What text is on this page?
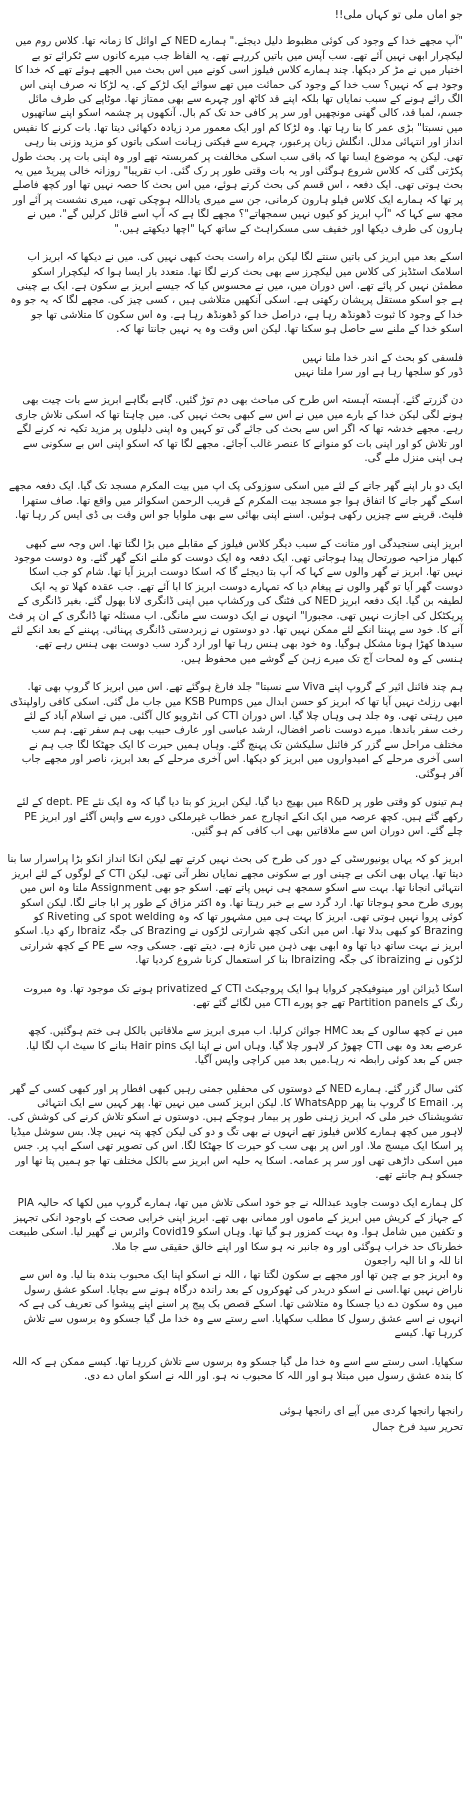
جو اماں ملی تو کہاں ملی!!

"آپ مجھے خدا کے وجود کی کوئی مظبوط دلیل دیجئے." ہمارے NED کے اوائل کا زمانہ تھا. کلاس روم میں لیکچرار ابھی نہیں آئے تھے. سب آپس میں باتیں کررہے تھے. یہ الفاظ جب میرے کانوں سے ٹکرائے تو بے اختیار میں نے مڑ کر دیکھا. چند ہمارے کلاس فیلوز اسی کونے میں اس بحث میں الجھے ہوئے تھے کہ خدا کا وجود ہے کہ نہیں؟ سب خدا کے وجود کی حمائت میں تھے سوائے ایک لڑکے کے. یہ لڑکا نہ صرف اپنی اس الگ رائے ہونے کے سبب نمایاں تھا بلکہ اپنے قد کاٹھ اور چہرے سے بھی ممتاز تھا. موٹاپے کی طرف مائل جسم، لمبا قد، کالی گھنی مونچھیں اور سر پر کافی حد تک کم بال. آنکھوں پر چشمہ اسکو اپنے ساتھیوں میں نسبتا" بڑی عمر کا بنا رہا تھا. وہ لڑکا کم اور ایک معمور مرد زیادہ دکھائی دیتا تھا. بات کرنے کا نفیس انداز اور انتہائی مدلل. انگلش زبان پرعبور، چہرے سے فیکتی زہانت اسکی باتوں کو مزید وزنی بنا رہی تھی. لیکن یہ موضوع ایسا تھا کہ باقی سب اسکی مخالفت پر کمربستہ تھے اور وہ اپنی بات پر. بحث طول پکڑتی گئی کہ کلاس شروع ہوگئی اور یہ بات وقتی طور پر رک گئی. اب تقریبا" روزانہ خالی پیریڈ میں یہ بحث ہوتی تھی. ایک دفعہ ، اس قسم کی بحث کرتے ہوئے، میں اس بحث کا حصہ نہیں تھا اور کچھ فاصلے پر تھا کہ ہمارے ایک کلاس فیلو ہارون کرمانی، جن سے میری یاداللہ ہوچکی تھی، میری نشست پر آئے اور مجھ سے کہا کہ "آپ ابریز کو کیوں نہیں سمجھاتے"؟ مجھے لگا ہے کہ آپ اسے قائل کرلیں گے". میں نے ہارون کی طرف دیکھا اور خفیف سی مسکراہٹ کے ساتھ کہا "اچھا دیکھتے ہیں."

اسکے بعد میں ابریز کی باتیں سنتے لگا لیکن براہ راست بحث کبھی نہیں کی. میں نے دیکھا کہ ابریز اب اسلامک اسٹڈیز کی کلاس میں لیکچرز سے بھی بحث کرنے لگا تھا. متعدد بار ایسا ہوا کہ لیکچرار اسکو مطمئن نہیں کر پائے تھے. اس دوران میں، میں نے محسوس کیا کہ جیسے ابریز بے سکون ہے. ایک بے چینی ہے جو اسکو مستقل پریشان رکھتی ہے. اسکی آنکھیں متلاشی ہیں ، کسی چیز کی. مجھے لگا کہ یہ جو وہ خدا کے وجود کا ثبوت ڈھونڈھ رہا ہے، دراصل خدا کو ڈھونڈھ رہا ہے. وہ اس سکون کا متلاشی تھا جو اسکو خدا کے ملنے سے حاصل ہو سکتا تھا. لیکن اس وقت وہ یہ نہیں جانتا تھا کہ.

فلسفی کو بحث کے اندر خدا ملتا نہیں
ڈور کو سلجھا رہا ہے اور سرا ملتا نہیں

دن گزرتے گئے. آہستہ آہستہ اس طرح کی مباحث بھی دم توڑ گئیں. گاہے بگاہے ابریز سے بات چیت بھی ہونے لگی لیکن خدا کے بارے میں میں نے اس سے کبھی بحث نہیں کی. میں چاہتا تھا کہ اسکی تلاش جاری رہے. مجھے خدشہ تھا کہ اگر اس سے بحث کی جائے گی تو کہیں وہ اپنی دلیلوں پر مزید تکیہ نہ کرنے لگے اور تلاش کو اور اپنی بات کو منوانے کا عنصر غالب آجائے. مجھے لگا تھا کہ اسکو اپنی اس بے سکونی سے ہی اپنی منزل ملے گی.

ایک دو بار اپنے گھر جاتے کے لئے میں اسکی سوزوکی پک اپ میں بیت المکرم مسجد تک گیا. ایک دفعہ مجھے اسکے گھر جانے کا اتفاق ہوا جو مسجد بیت المکرم کے قریب الرحمن اسکوائر میں واقع تھا. صاف ستھرا فلیٹ. قرینے سے چیزیں رکھی ہوئیں. اسنے اپنی بھائی سے بھی ملوایا جو اس وقت بی ڈی ایس کر رہا تھا.

ابریز اپنی سنجیدگی اور متانت کے سبب دیگر کلاس فیلوز کے مقابلے میں بڑا لگتا تھا. اس وجہ سے کبھی کبھار مزاحیہ صورتحال پیدا ہوجاتی تھی. ایک دفعہ وہ ایک دوست کو ملنے انکے گھر گئے. وہ دوست موجود نہیں تھا. ابریز نے گھر والوں سے کہا کہ آپ بتا دیجئے گا کہ اسکا دوست ابریز آیا تھا. شام کو جب اسکا دوست گھر آیا تو گھر والوں نے پیغام دیا کہ تمہارے دوست ابریز کا ابا آئے تھے. جب عقدہ کھلا تو یہ ایک لطیفہ بن گیا. ایک دفعہ ابریز NED کی فٹنگ کی ورکشاپ میں اپنی ڈانگری لانا بھول گئے. بغیر ڈانگری کے پریکٹکل کی اجازت نہیں تھی. مجبورا" انہوں نے ایک دوست سے مانگی. اب مسئلہ تھا ڈانگری کے ان پر فٹ آنے کا. خود سے پہننا انکے لئے ممکن نہیں تھا. دو دوستوں نے زبردستی ڈانگری پہنائی. پہننے کے بعد انکے لئے سیدھا کھڑا ہونا مشکل ہوگیا. وہ خود بھی ہنس رہا تھا اور ارد گرد سب دوست بھی ہنس رہے تھے. ہنسی کے وہ لمحات آج تک میرے زہن کے گوشے میں محفوظ ہیں.

ہم چند فائنل ائیر کے گروپ اپنے Viva سے نسبتا" جلد فارغ ہوگئے تھے. اس میں ابریز کا گروپ بھی تھا. ابھی رزلٹ نہیں آیا تھا کہ ابریز کو حسن ابدال میں KSB Pumps میں جاب مل گئی. اسکی کافی راولپنڈی میں رہتی تھی. وہ جلد ہی وہاں چلا گیا. اس دوران CTI کی انٹرویو کال آگئی. میں نے اسلام آباد کے لئے رخت سفر باندھا. میرے دوست ناصر افضال، ارشد عباسی اور عارف حبیب بھی ہم سفر تھے. ہم سب مختلف مراحل سے گزر کر فائنل سلیکشن تک پہنچ گئے. وہاں ہمیں حیرت کا ایک جھٹکا لگا جب ہم نے اسی آخری مرحلے کے امیدواروں میں ابریز کو دیکھا. اس آخری مرحلے کے بعد ابریز، ناصر اور مجھے جاب آفر ہوگئی.

ہم تینوں کو وقتی طور پر R&D میں بھیج دیا گیا. لیکن ابریز کو بتا دیا گیا کہ وہ ایک نئے dept. PE کے لئے رکھے گئے ہیں. کچھ عرصہ میں ایک انکے انچارج عمر خطاب غیرملکی دورے سے واپس آگئے اور ابریز PE چلے گئے. اس دوران اس سے ملاقاتیں بھی اب کافی کم ہو گئیں.

ابریز کو کہ یہاں یونیورسٹی کے دور کی طرح کی بحث نہیں کرتے تھے لیکن انکا انداز انکو بڑا پراسرار سا بنا دیتا تھا. یہاں بھی انکی بے چینی اور بے سکونی مجھے نمایاں نظر آتی تھی. لیکن CTI کے لوگوں کے لئے ابریز انتہائی انجانا تھا. بہت سے اسکو سمجھ ہی نہیں پاتے تھے. اسکو جو بھی Assignment ملتا وہ اس میں پوری طرح محو ہوجاتا تھا. ارد گرد سے بے خبر رہتا تھا. وہ اکثر مزاق کے طور پر ابا جانے لگا. لیکن اسکو کوئی پروا نہیں ہوتی تھی. ابریز کا بہت ہی میں مشہور تھا کہ وہ spot welding کی Riveting کو Brazing کو کبھی بدلا تھا. اس میں انکی کچھ شرارتی لڑکوں نے Brazing کی جگہ Ibraiz رکھ دیا. اسکو ابریز نے بہت ساتھ دیا تھا وہ ابھی بھی ذہن میں تازہ ہے. دیتے تھے. جسکی وجہ سے PE کے کچھ شرارتی لڑکوں نے ibraizing کی جگہ Ibraizing بنا کر استعمال کرنا شروع کردیا تھا.

اسکا ڈیزائن اور مینوفیکچر کروایا ہوا ایک پروجیکٹ CTI کے privatized ہونے تک موجود تھا. وہ مبروت رنگ کے Partition panels تھے جو پورے CTI میں لگائے گئے تھے.

میں نے کچھ سالوں کے بعد HMC جوائن کرلیا. اب میری ابریز سے ملاقاتیں بالکل ہی ختم ہوگئیں. کچھ عرصے بعد وہ بھی CTI چھوڑ کر لاہور چلا گیا. وہاں اس نے اپنا ایک Hair pins بنانے کا سیٹ اپ لگا لیا. جس کے بعد کوئی رابطہ نہ رہا.میں بعد میں کراچی واپس آگیا.

کئی سال گزر گئے. ہمارے NED کے دوستوں کی محفلیں جمتی رہیں کبھی افطار پر اور کبھی کسی کے گھر پر. Email کا گروپ بنا پھر WhatsApp کا. لیکن ابریز کسی میں نہیں تھا. پھر کہیں سے ایک انتہائی تشویشناک خبر ملی کہ ابریز زہنی طور پر بیمار ہوچکے ہیں. دوستوں نے اسکو تلاش کرنے کی کوشش کی. لاہور میں کچھ ہمارے کلاس فیلوز تھے انہوں نے بھی تگ و دو کی لیکن کچھ پتہ نہیں چلا. بس سوشل میڈیا پر اسکا ایک میسج ملا. اور اس پر بھی سب کو حیرت کا جھٹکا لگا. اس کی تصویر تھی اسکے ایپ پر. جس میں اسکی داڑھی تھی اور سر پر عمامہ. اسکا یہ حلیہ اس ابریز سے بالکل مختلف تھا جو ہمیں پتا تھا اور جسکو ہم جانتے تھے.

کل ہمارے ایک دوست جاوید عبداللہ نے جو خود اسکی تلاش میں تھا، ہمارے گروپ میں لکھا کہ حالیہ PIA کے جہاز کے کریش میں ابریز کے ماموں اور ممانی بھی تھے. ابریز اپنی خرابی صحت کے باوجود انکی تجہیز و تکفین میں شامل ہوا. وہ بہت کمزور ہو گیا تھا. وہاں اسکو Covid19 وائرس نے گھیر لیا. اسکی طبیعت خطرناک حد خراب ہوگئی اور وہ جانبر نہ ہو سکا اور اپنے خالق حقیقی سے جا ملا.
انا للہ و انا الیہ راجعون
وہ ابریز جو بے چین تھا اور مجھے بے سکون لگتا تھا ، اللہ نے اسکو اپنا ایک محبوب بندہ بنا لیا. وہ اس سے ناراض نہیں تھا.اسی نے اسکو دربدر کی ٹھوکروں کے بعد راندہ درگاہ ہونے سے بچایا. اسکو عشق رسول میں وہ سکون دے دیا جسکا وہ متلاشی تھا. اسکے قصص بک پیج پر اسنے اپنے پیشوا کی تعریف کی ہے کہ انہوں نے اسے عشق رسول کا مطلب سکھایا. اسے رستے سے وہ خدا مل گیا جسکو وہ برسوں سے تلاش کررہا تھا. کیسے

سکھایا. اسی رستے سے اسے وہ خدا مل گیا جسکو وہ برسوں سے تلاش کررہا تھا. کیسے ممکن ہے کہ اللہ کا بندہ عشق رسول میں مبتلا ہو اور اللہ کا محبوب نہ ہو. اور اللہ نے اسکو اماں دے دی.

رانجھا رانجھا کردی میں آپے ای رانجھا ہوئی
تحریر سید فرخ جمال
